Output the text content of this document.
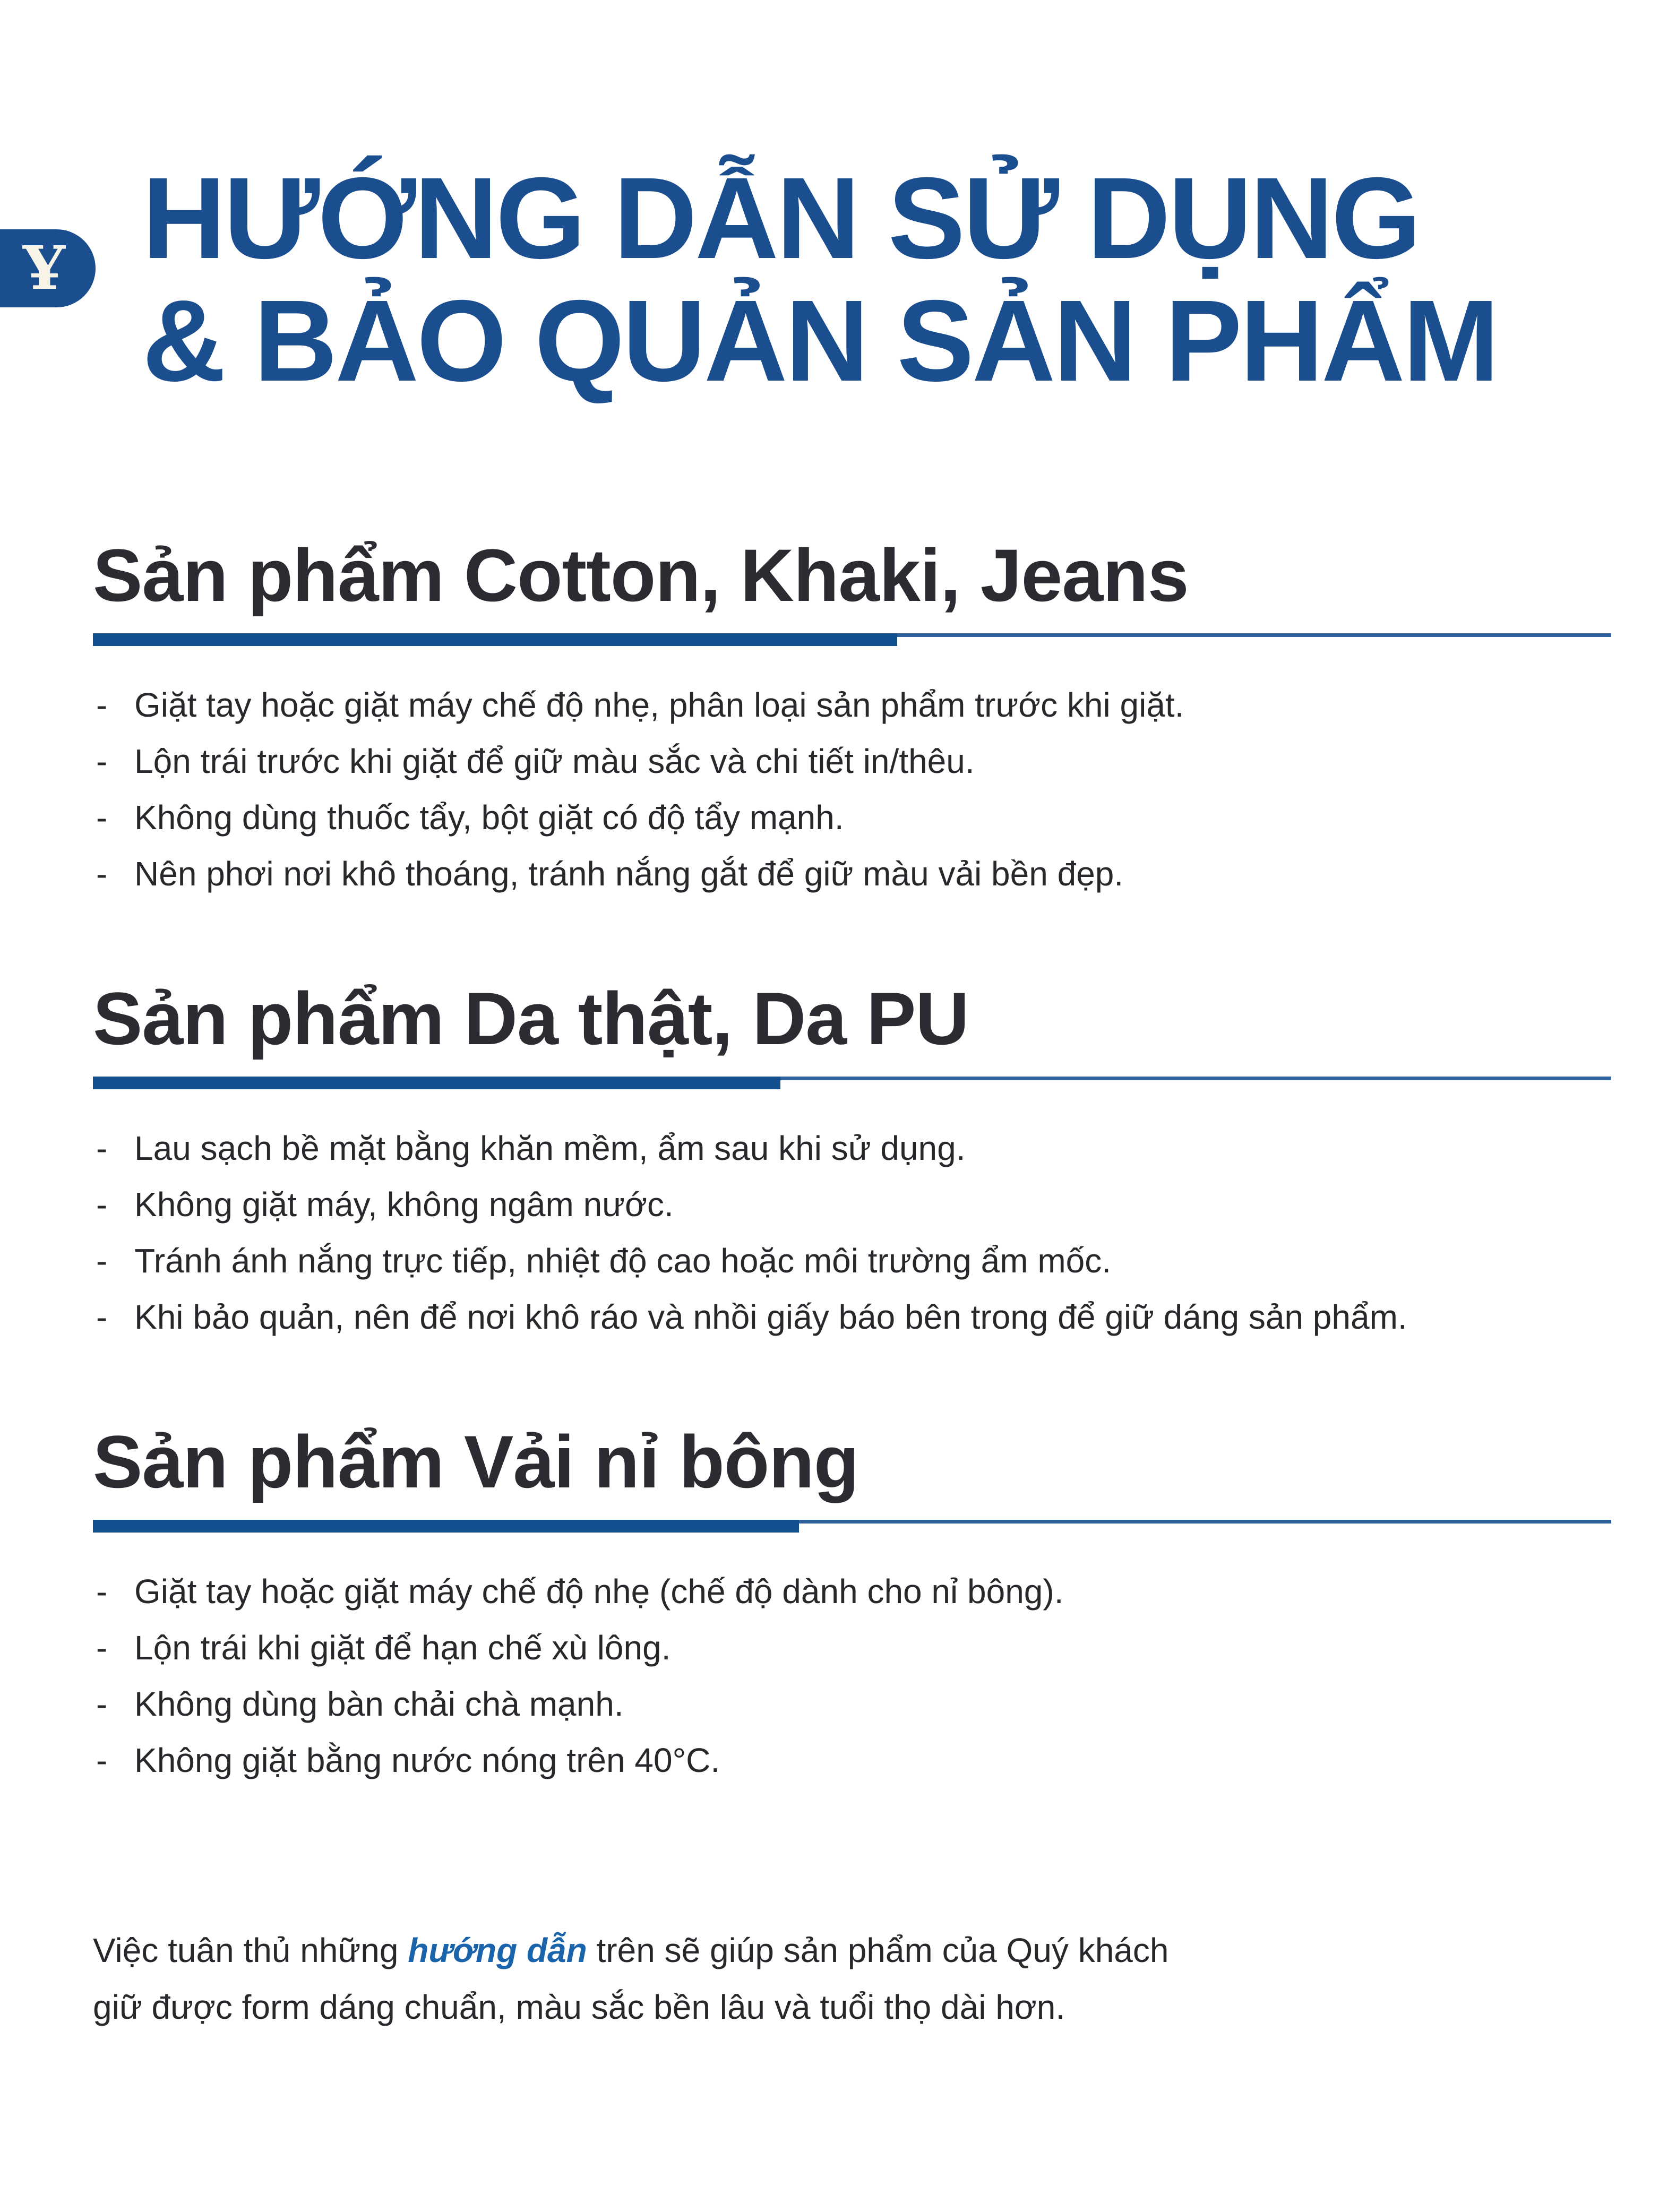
Ұ HƯỚNG DẪN SỬ DỤNG
& BẢO QUẢN SẢN PHẨM
Sản phẩm Cotton, Khaki, Jeans
- Giặt tay hoặc giặt máy chế độ nhẹ, phân loại sản phẩm trước khi giặt.
- Lộn trái trước khi giặt để giữ màu sắc và chi tiết in/thêu.
- Không dùng thuốc tẩy, bột giặt có độ tẩy mạnh.
- Nên phơi nơi khô thoáng, tránh nắng gắt để giữ màu vải bền đẹp.
Sản phẩm Da thật, Da PU
- Lau sạch bề mặt bằng khăn mềm, ẩm sau khi sử dụng.
- Không giặt máy, không ngâm nước.
- Tránh ánh nắng trực tiếp, nhiệt độ cao hoặc môi trường ẩm mốc.
- Khi bảo quản, nên để nơi khô ráo và nhồi giấy báo bên trong để giữ dáng sản phẩm.
Sản phẩm Vải nỉ bông
- Giặt tay hoặc giặt máy chế độ nhẹ (chế độ dành cho nỉ bông).
- Lộn trái khi giặt để hạn chế xù lông.
- Không dùng bàn chải chà mạnh.
- Không giặt bằng nước nóng trên 40°C.

Việc tuân thủ những hướng dẫn trên sẽ giúp sản phẩm của Quý khách
giữ được form dáng chuẩn, màu sắc bền lâu và tuổi thọ dài hơn.
